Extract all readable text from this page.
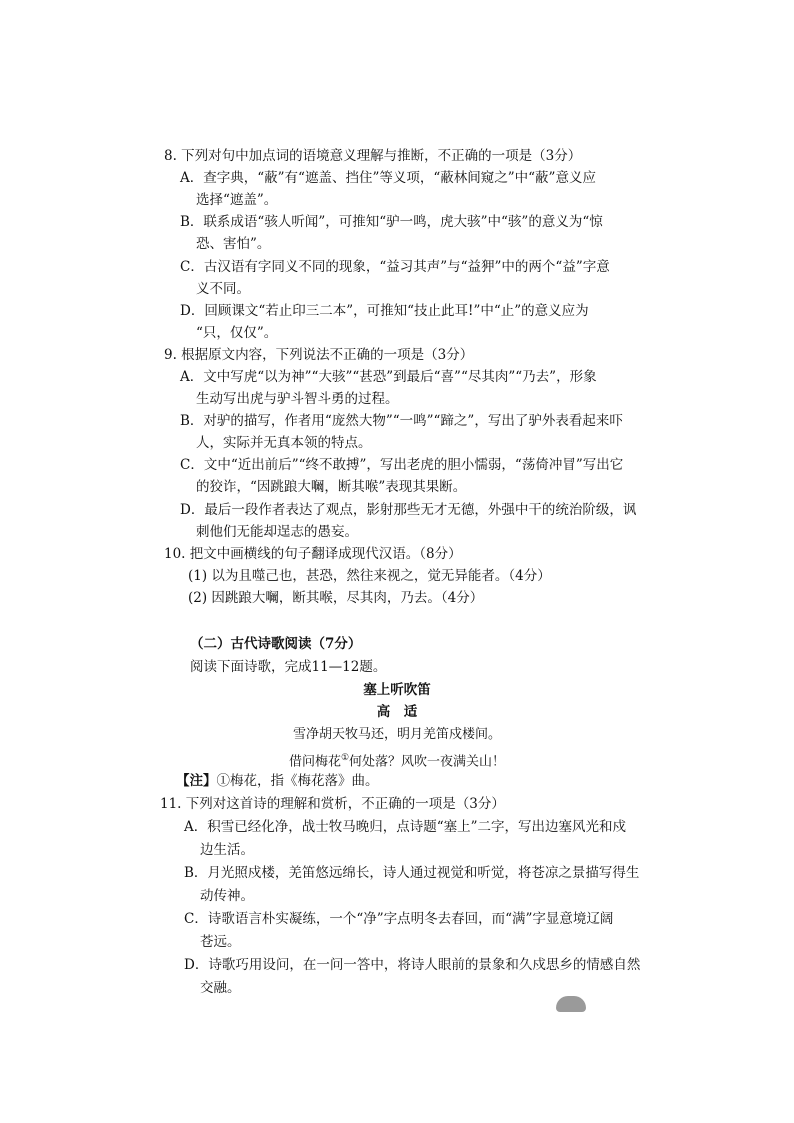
8. 下列对句中加点词的语境意义理解与推断，不正确的一项是（3分）
A．查字典，“蔽”有“遮盖、挡住”等义项，“蔽林间窥之”中“蔽”意义应
选择“遮盖”。
B．联系成语“骇人听闻”，可推知“驴一鸣，虎大骇”中“骇”的意义为“惊
恐、害怕”。
C．古汉语有字同义不同的现象，“益习其声”与“益狎”中的两个“益”字意
义不同。
D．回顾课文“若止印三二本”，可推知“技止此耳!”中“止”的意义应为
“只，仅仅”。
9. 根据原文内容，下列说法不正确的一项是（3分）
A．文中写虎“以为神”“大骇”“甚恐”到最后“喜”“尽其肉”“乃去”，形象
生动写出虎与驴斗智斗勇的过程。
B．对驴的描写，作者用“庞然大物”“一鸣”“蹄之”，写出了驴外表看起来吓
人，实际并无真本领的特点。
C．文中“近出前后”“终不敢搏”，写出老虎的胆小懦弱，“荡倚冲冒”写出它
的狡诈，“因跳踉大㘎，断其喉”表现其果断。
D．最后一段作者表达了观点，影射那些无才无德，外强中干的统治阶级，讽
刺他们无能却逞志的愚妄。
10. 把文中画横线的句子翻译成现代汉语。（8分）
(1) 以为且噬己也，甚恐，然往来视之，觉无异能者。（4分）
(2) 因跳踉大㘎，断其喉，尽其肉，乃去。（4分）
（二）古代诗歌阅读（7分）
阅读下面诗歌，完成11—12题。
塞上听吹笛
高　适
雪净胡天牧马还，明月羌笛戍楼间。
借问梅花①何处落？风吹一夜满关山！
【注】①梅花，指《梅花落》曲。
11. 下列对这首诗的理解和赏析，不正确的一项是（3分）
A．积雪已经化净，战士牧马晚归，点诗题“塞上”二字，写出边塞风光和戍
边生活。
B．月光照戍楼，羌笛悠远绵长，诗人通过视觉和听觉，将苍凉之景描写得生
动传神。
C．诗歌语言朴实凝练，一个“净”字点明冬去春回，而“满”字显意境辽阔
苍远。
D．诗歌巧用设问，在一问一答中，将诗人眼前的景象和久戍思乡的情感自然
交融。
